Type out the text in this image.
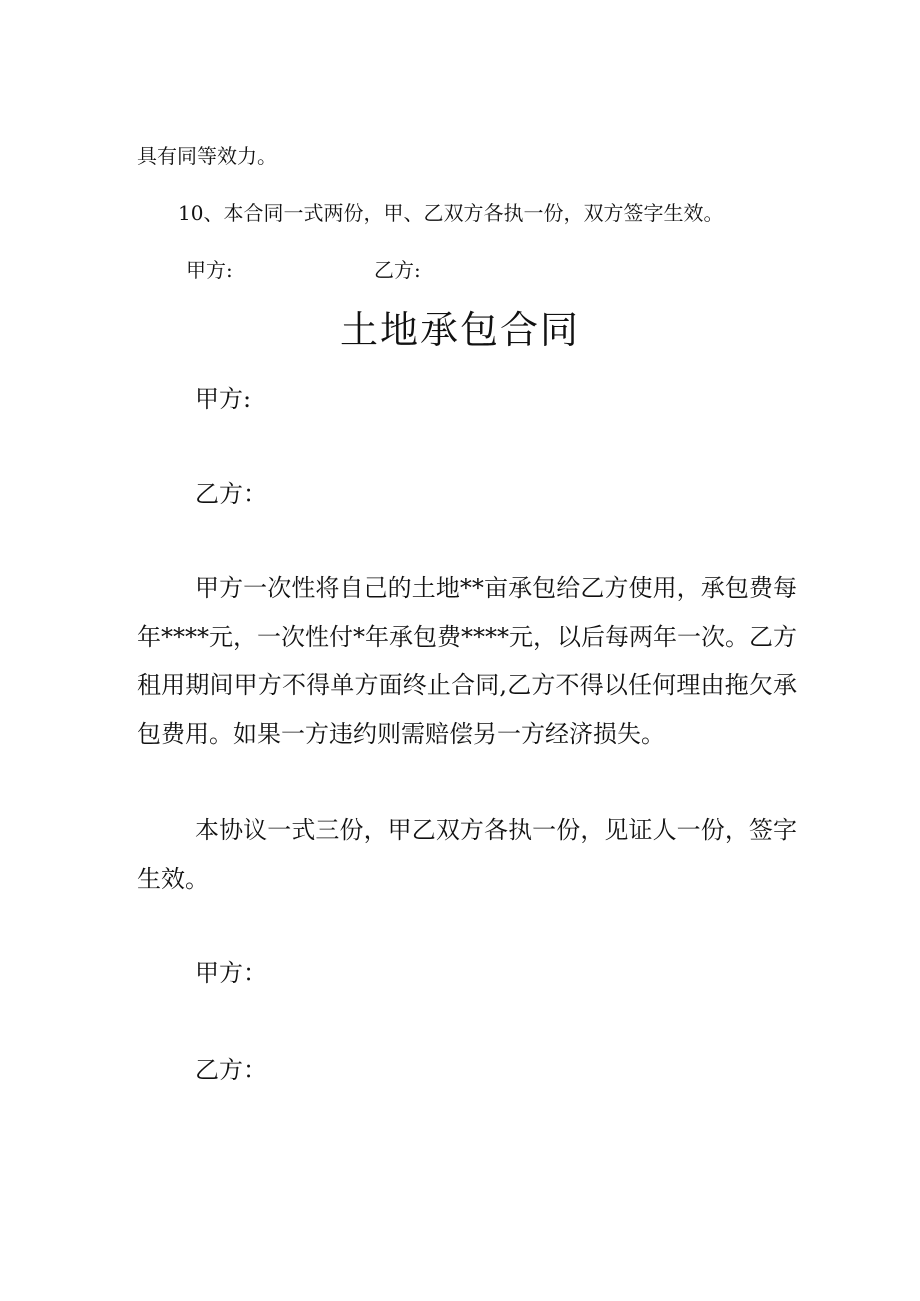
具有同等效力。
10、本合同一式两份，甲、乙双方各执一份，双方签字生效。
甲方:	乙方:
土地承包合同
甲方:
乙方：
甲方一次性将自己的土地**亩承包给乙方使用，承包费每年****元，一次性付*年承包费****元，以后每两年一次。乙方租用期间甲方不得单方面终止合同,乙方不得以任何理由拖欠承包费用。如果一方违约则需赔偿另一方经济损失。
本协议一式三份，甲乙双方各执一份，见证人一份，签字生效。
甲方：
乙方：
